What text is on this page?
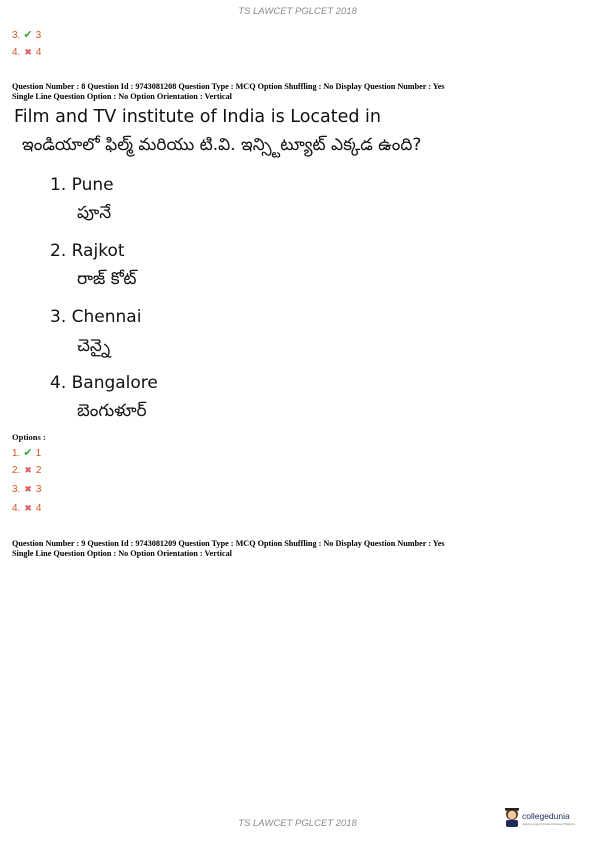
TS LAWCET PGLCET 2018
3. ✔ 3
4. ✖ 4
Question Number : 8 Question Id : 9743081208 Question Type : MCQ Option Shuffling : No Display Question Number : Yes
Single Line Question Option : No Option Orientation : Vertical
Film and TV institute of India is Located in
ఇండియాలో ఫిల్మ్ మరియు టి.వి. ఇన్స్టిట్యూట్ ఎక్కడ ఉంది?
1. Pune
పూనే
2. Rajkot
రాజ్ కోట్
3. Chennai
చెన్నై
4. Bangalore
బెంగుళూర్
Options :
1. ✔ 1
2. ✖ 2
3. ✖ 3
4. ✖ 4
Question Number : 9 Question Id : 9743081209 Question Type : MCQ Option Shuffling : No Display Question Number : Yes
Single Line Question Option : No Option Orientation : Vertical
TS LAWCET PGLCET 2018
collegedunia
India's Largest Student Review Platform
